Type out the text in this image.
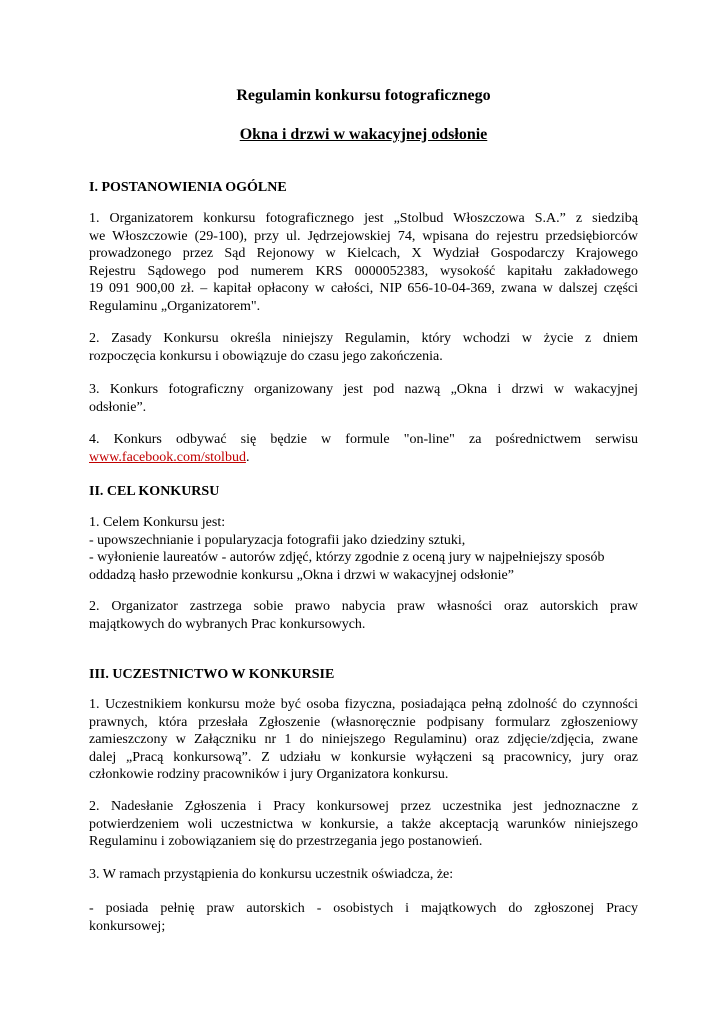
Regulamin konkursu fotograficznego
Okna i drzwi w wakacyjnej odsłonie
I. POSTANOWIENIA OGÓLNE
1. Organizatorem konkursu fotograficznego jest „Stolbud Włoszczowa S.A.” z siedzibą
we Włoszczowie (29-100), przy ul. Jędrzejowskiej 74, wpisana do rejestru przedsiębiorców
prowadzonego przez Sąd Rejonowy w Kielcach, X Wydział Gospodarczy Krajowego
Rejestru Sądowego pod numerem KRS 0000052383, wysokość kapitału zakładowego
19 091 900,00 zł. – kapitał opłacony w całości, NIP 656-10-04-369, zwana w dalszej części
Regulaminu „Organizatorem".
2. Zasady Konkursu określa niniejszy Regulamin, który wchodzi w życie z dniem
rozpoczęcia konkursu i obowiązuje do czasu jego zakończenia.
3. Konkurs fotograficzny organizowany jest pod nazwą „Okna i drzwi w wakacyjnej
odsłonie”.
4. Konkurs odbywać się będzie w formule "on-line" za pośrednictwem serwisu
www.facebook.com/stolbud.
II. CEL KONKURSU
1. Celem Konkursu jest:
- upowszechnianie i popularyzacja fotografii jako dziedziny sztuki,
- wyłonienie laureatów - autorów zdjęć, którzy zgodnie z oceną jury w najpełniejszy sposób
oddadzą hasło przewodnie konkursu „Okna i drzwi w wakacyjnej odsłonie”
2. Organizator zastrzega sobie prawo nabycia praw własności oraz autorskich praw
majątkowych do wybranych Prac konkursowych.
III. UCZESTNICTWO W KONKURSIE
1. Uczestnikiem konkursu może być osoba fizyczna, posiadająca pełną zdolność do czynności
prawnych, która przesłała Zgłoszenie (własnoręcznie podpisany formularz zgłoszeniowy
zamieszczony w Załączniku nr 1 do niniejszego Regulaminu) oraz zdjęcie/zdjęcia, zwane
dalej „Pracą konkursową”. Z udziału w konkursie wyłączeni są pracownicy, jury oraz
członkowie rodziny pracowników i jury Organizatora konkursu.
2. Nadesłanie Zgłoszenia i Pracy konkursowej przez uczestnika jest jednoznaczne z
potwierdzeniem woli uczestnictwa w konkursie, a także akceptacją warunków niniejszego
Regulaminu i zobowiązaniem się do przestrzegania jego postanowień.
3. W ramach przystąpienia do konkursu uczestnik oświadcza, że:
- posiada pełnię praw autorskich - osobistych i majątkowych do zgłoszonej Pracy
konkursowej;
